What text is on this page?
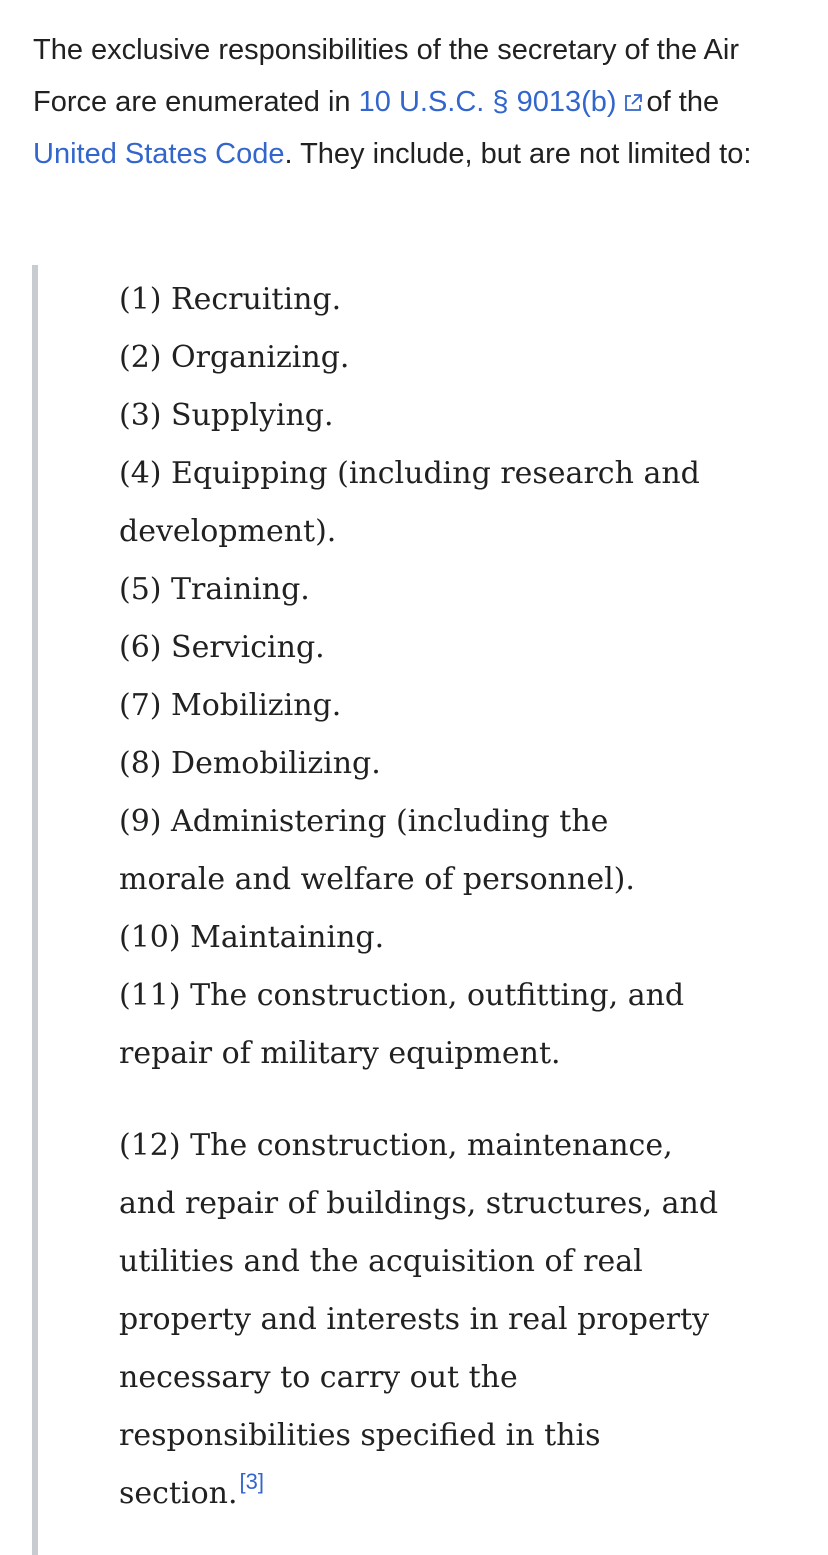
The exclusive responsibilities of the secretary of the Air Force are enumerated in 10 U.S.C. § 9013(b) of the United States Code. They include, but are not limited to:

(1) Recruiting.
(2) Organizing.
(3) Supplying.
(4) Equipping (including research and development).
(5) Training.
(6) Servicing.
(7) Mobilizing.
(8) Demobilizing.
(9) Administering (including the morale and welfare of personnel).
(10) Maintaining.
(11) The construction, outfitting, and repair of military equipment.

(12) The construction, maintenance, and repair of buildings, structures, and utilities and the acquisition of real property and interests in real property necessary to carry out the responsibilities specified in this section.[3]
